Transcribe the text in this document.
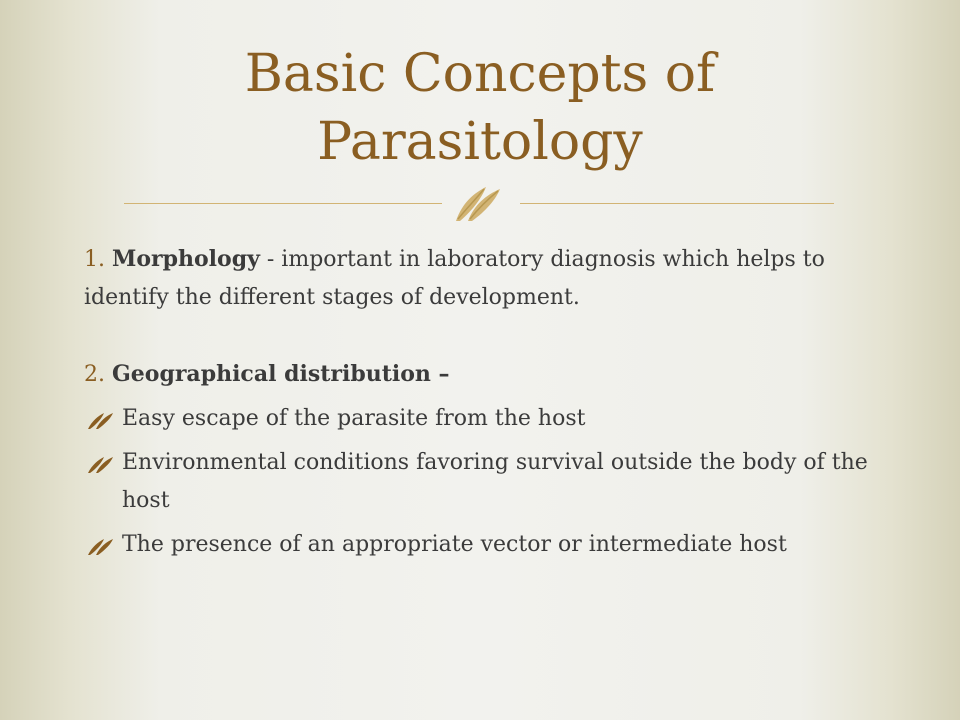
Basic Concepts of
Parasitology

1. Morphology - important in laboratory diagnosis which helps to identify the different stages of development.

2. Geographical distribution –

Easy escape of the parasite from the host
Environmental conditions favoring survival outside the body of the host
The presence of an appropriate vector or intermediate host
